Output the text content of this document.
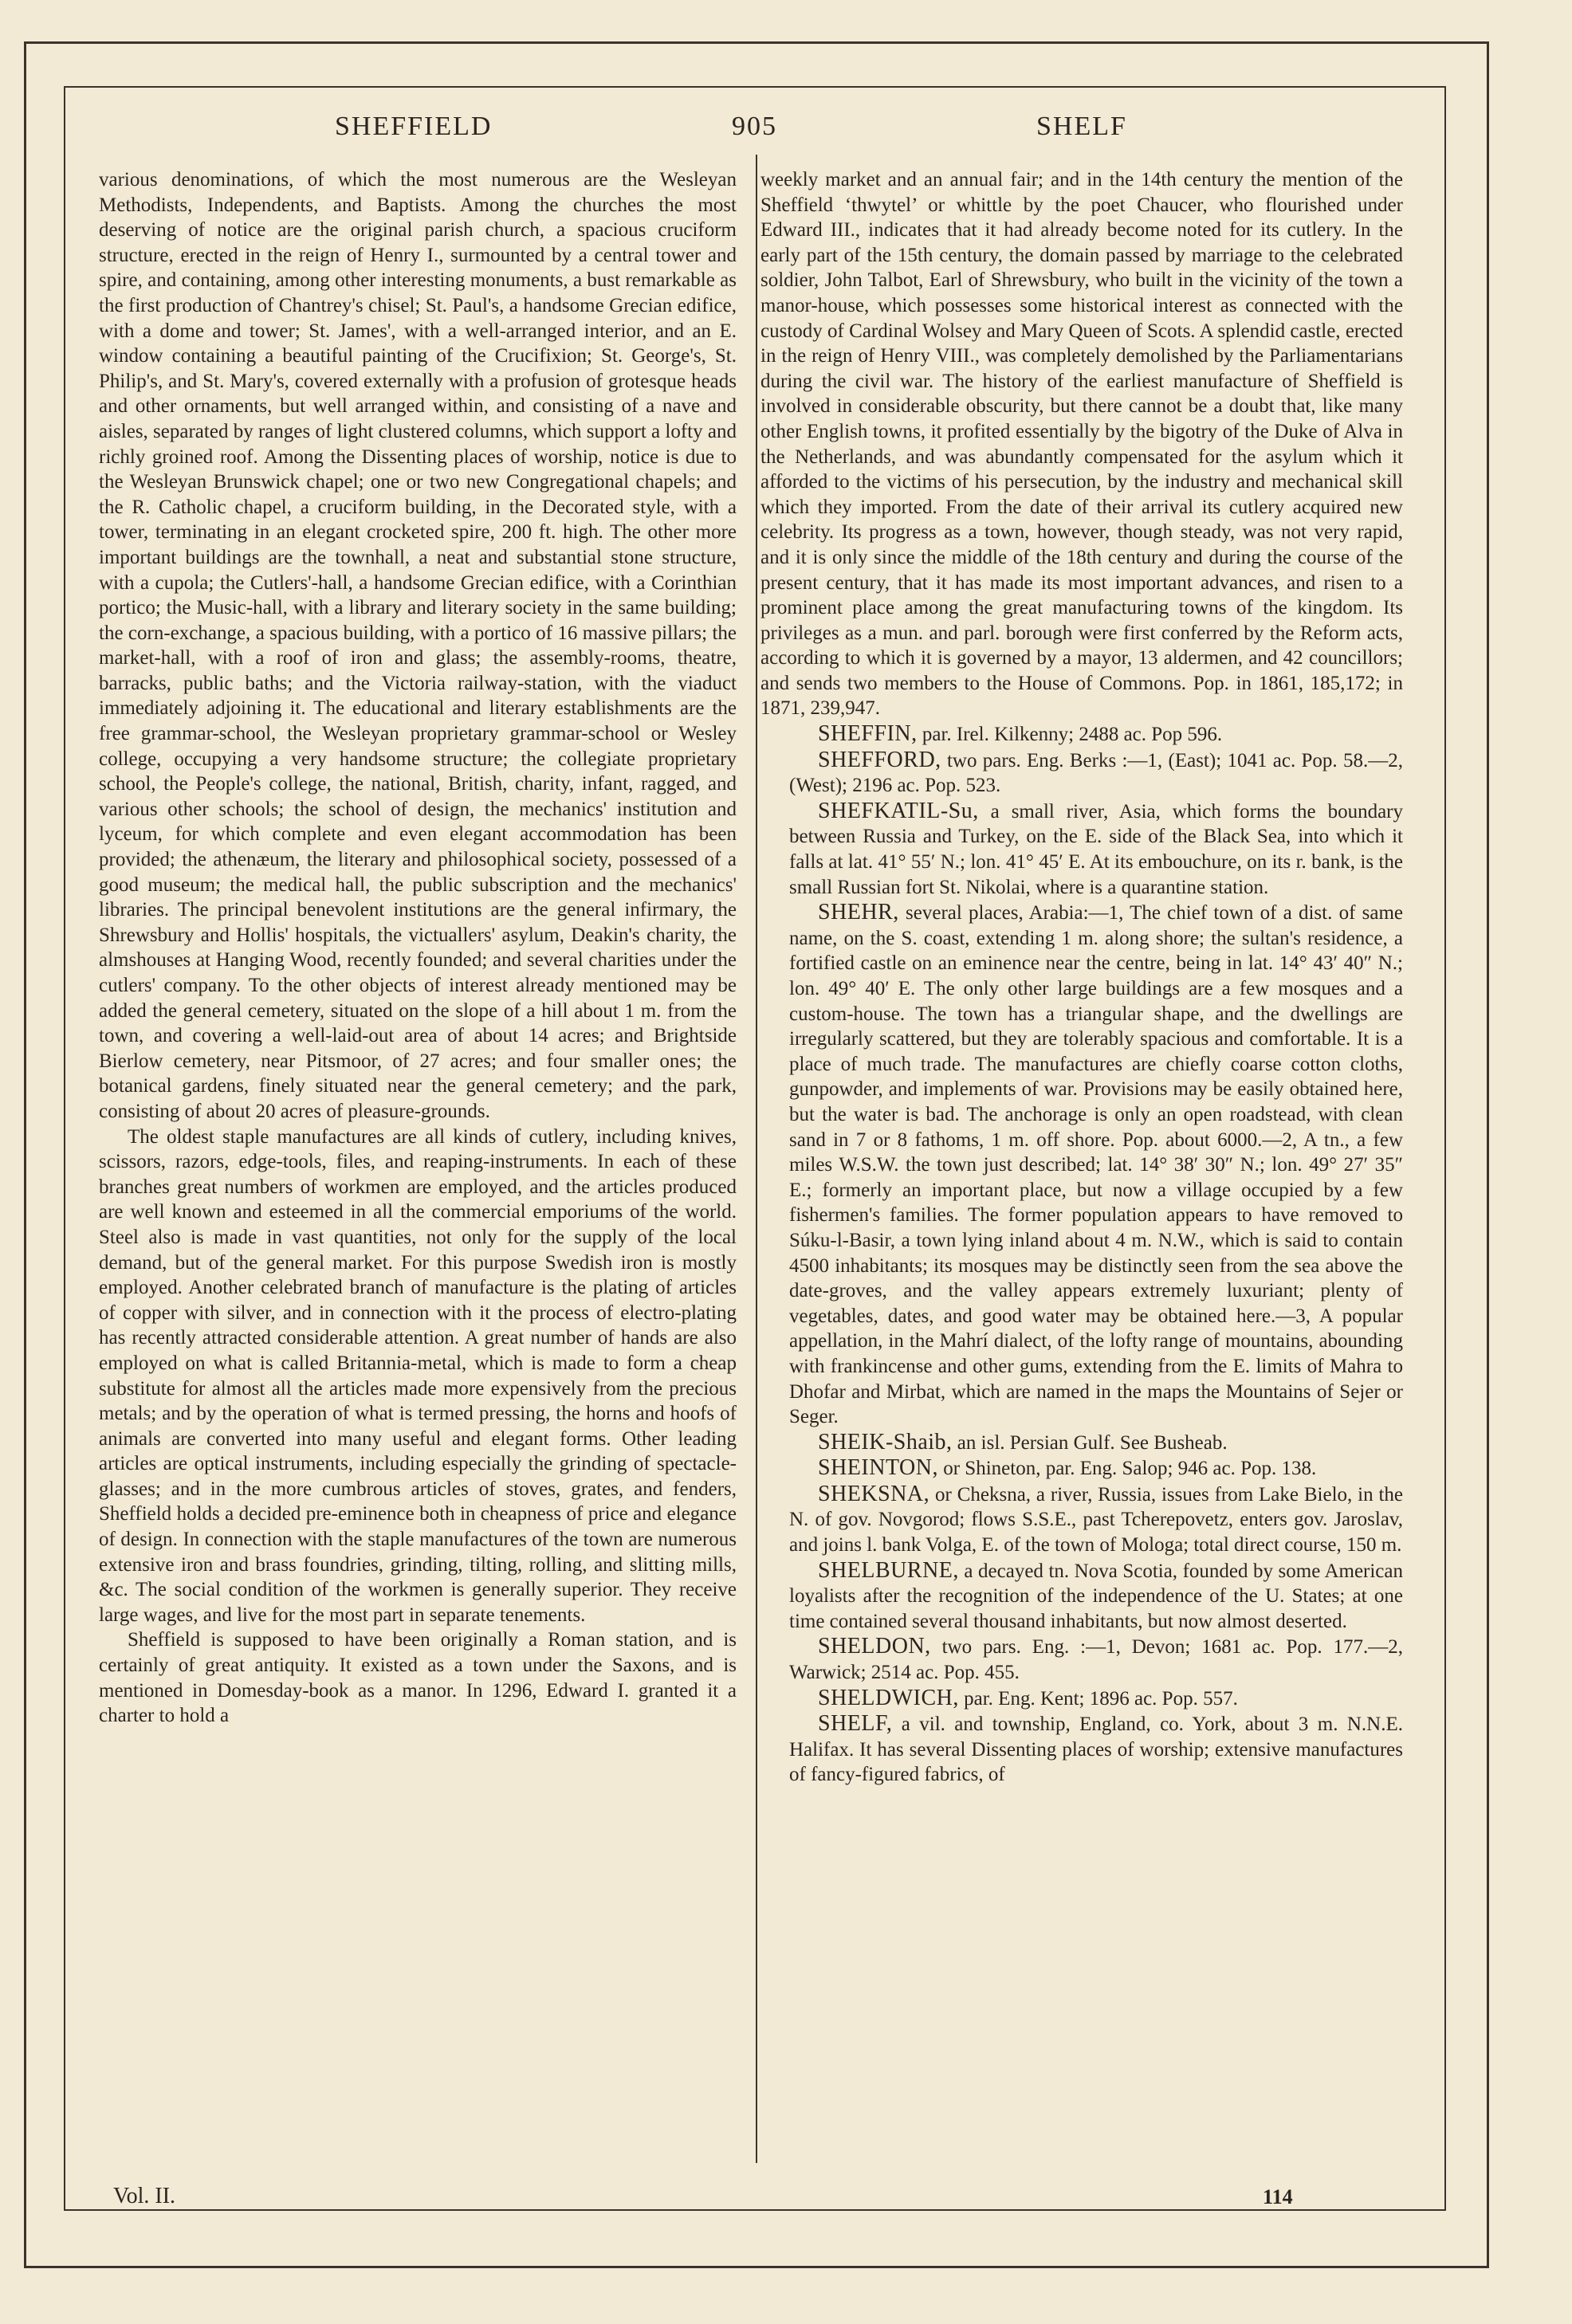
SHEFFIELD	905	SHELF

various denominations, of which the most numerous are the Wesleyan Methodists, Independents, and Baptists. Among the churches the most deserving of notice are the original parish church, a spacious cruciform structure, erected in the reign of Henry I., surmounted by a central tower and spire, and containing, among other interesting monuments, a bust remarkable as the first production of Chantrey's chisel; St. Paul's, a handsome Grecian edifice, with a dome and tower; St. James', with a well-arranged interior, and an E. window containing a beautiful painting of the Crucifixion; St. George's, St. Philip's, and St. Mary's, covered externally with a profusion of grotesque heads and other ornaments, but well arranged within, and consisting of a nave and aisles, separated by ranges of light clustered columns, which support a lofty and richly groined roof. Among the Dissenting places of worship, notice is due to the Wesleyan Brunswick chapel; one or two new Congregational chapels; and the R. Catholic chapel, a cruciform building, in the Decorated style, with a tower, terminating in an elegant crocketed spire, 200 ft. high. The other more important buildings are the townhall, a neat and substantial stone structure, with a cupola; the Cutlers'-hall, a handsome Grecian edifice, with a Corinthian portico; the Music-hall, with a library and literary society in the same building; the corn-exchange, a spacious building, with a portico of 16 massive pillars; the market-hall, with a roof of iron and glass; the assembly-rooms, theatre, barracks, public baths; and the Victoria railway-station, with the viaduct immediately adjoining it. The educational and literary establishments are the free grammar-school, the Wesleyan proprietary grammar-school or Wesley college, occupying a very handsome structure; the collegiate proprietary school, the People's college, the national, British, charity, infant, ragged, and various other schools; the school of design, the mechanics' institution and lyceum, for which complete and even elegant accommodation has been provided; the athenæum, the literary and philosophical society, possessed of a good museum; the medical hall, the public subscription and the mechanics' libraries. The principal benevolent institutions are the general infirmary, the Shrewsbury and Hollis' hospitals, the victuallers' asylum, Deakin's charity, the almshouses at Hanging Wood, recently founded; and several charities under the cutlers' company. To the other objects of interest already mentioned may be added the general cemetery, situated on the slope of a hill about 1 m. from the town, and covering a well-laid-out area of about 14 acres; and Brightside Bierlow cemetery, near Pitsmoor, of 27 acres; and four smaller ones; the botanical gardens, finely situated near the general cemetery; and the park, consisting of about 20 acres of pleasure-grounds.

The oldest staple manufactures are all kinds of cutlery, including knives, scissors, razors, edge-tools, files, and reaping-instruments. In each of these branches great numbers of workmen are employed, and the articles produced are well known and esteemed in all the commercial emporiums of the world. Steel also is made in vast quantities, not only for the supply of the local demand, but of the general market. For this purpose Swedish iron is mostly employed. Another celebrated branch of manufacture is the plating of articles of copper with silver, and in connection with it the process of electro-plating has recently attracted considerable attention. A great number of hands are also employed on what is called Britannia-metal, which is made to form a cheap substitute for almost all the articles made more expensively from the precious metals; and by the operation of what is termed pressing, the horns and hoofs of animals are converted into many useful and elegant forms. Other leading articles are optical instruments, including especially the grinding of spectacle-glasses; and in the more cumbrous articles of stoves, grates, and fenders, Sheffield holds a decided pre-eminence both in cheapness of price and elegance of design. In connection with the staple manufactures of the town are numerous extensive iron and brass foundries, grinding, tilting, rolling, and slitting mills, &c. The social condition of the workmen is generally superior. They receive large wages, and live for the most part in separate tenements.

Sheffield is supposed to have been originally a Roman station, and is certainly of great antiquity. It existed as a town under the Saxons, and is mentioned in Domesday-book as a manor. In 1296, Edward I. granted it a charter to hold a

weekly market and an annual fair; and in the 14th century the mention of the Sheffield ‘thwytel’ or whittle by the poet Chaucer, who flourished under Edward III., indicates that it had already become noted for its cutlery. In the early part of the 15th century, the domain passed by marriage to the celebrated soldier, John Talbot, Earl of Shrewsbury, who built in the vicinity of the town a manor-house, which possesses some historical interest as connected with the custody of Cardinal Wolsey and Mary Queen of Scots. A splendid castle, erected in the reign of Henry VIII., was completely demolished by the Parliamentarians during the civil war. The history of the earliest manufacture of Sheffield is involved in considerable obscurity, but there cannot be a doubt that, like many other English towns, it profited essentially by the bigotry of the Duke of Alva in the Netherlands, and was abundantly compensated for the asylum which it afforded to the victims of his persecution, by the industry and mechanical skill which they imported. From the date of their arrival its cutlery acquired new celebrity. Its progress as a town, however, though steady, was not very rapid, and it is only since the middle of the 18th century and during the course of the present century, that it has made its most important advances, and risen to a prominent place among the great manufacturing towns of the kingdom. Its privileges as a mun. and parl. borough were first conferred by the Reform acts, according to which it is governed by a mayor, 13 aldermen, and 42 councillors; and sends two members to the House of Commons. Pop. in 1861, 185,172; in 1871, 239,947.

SHEFFIN, par. Irel. Kilkenny; 2488 ac. Pop 596.

SHEFFORD, two pars. Eng. Berks :—1, (East); 1041 ac. Pop. 58.—2, (West); 2196 ac. Pop. 523.

SHEFKATIL-Su, a small river, Asia, which forms the boundary between Russia and Turkey, on the E. side of the Black Sea, into which it falls at lat. 41° 55′ N.; lon. 41° 45′ E. At its embouchure, on its r. bank, is the small Russian fort St. Nikolai, where is a quarantine station.

SHEHR, several places, Arabia:—1, The chief town of a dist. of same name, on the S. coast, extending 1 m. along shore; the sultan's residence, a fortified castle on an eminence near the centre, being in lat. 14° 43′ 40″ N.; lon. 49° 40′ E. The only other large buildings are a few mosques and a custom-house. The town has a triangular shape, and the dwellings are irregularly scattered, but they are tolerably spacious and comfortable. It is a place of much trade. The manufactures are chiefly coarse cotton cloths, gunpowder, and implements of war. Provisions may be easily obtained here, but the water is bad. The anchorage is only an open roadstead, with clean sand in 7 or 8 fathoms, 1 m. off shore. Pop. about 6000.—2, A tn., a few miles W.S.W. the town just described; lat. 14° 38′ 30″ N.; lon. 49° 27′ 35″ E.; formerly an important place, but now a village occupied by a few fishermen's families. The former population appears to have removed to Súku-l-Basir, a town lying inland about 4 m. N.W., which is said to contain 4500 inhabitants; its mosques may be distinctly seen from the sea above the date-groves, and the valley appears extremely luxuriant; plenty of vegetables, dates, and good water may be obtained here.—3, A popular appellation, in the Mahrí dialect, of the lofty range of mountains, abounding with frankincense and other gums, extending from the E. limits of Mahra to Dhofar and Mirbat, which are named in the maps the Mountains of Sejer or Seger.

SHEIK-Shaib, an isl. Persian Gulf. See Busheab.

SHEINTON, or Shineton, par. Eng. Salop; 946 ac. Pop. 138.

SHEKSNA, or Cheksna, a river, Russia, issues from Lake Bielo, in the N. of gov. Novgorod; flows S.S.E., past Tcherepovetz, enters gov. Jaroslav, and joins l. bank Volga, E. of the town of Mologa; total direct course, 150 m.

SHELBURNE, a decayed tn. Nova Scotia, founded by some American loyalists after the recognition of the independence of the U. States; at one time contained several thousand inhabitants, but now almost deserted.

SHELDON, two pars. Eng. :—1, Devon; 1681 ac. Pop. 177.—2, Warwick; 2514 ac. Pop. 455.

SHELDWICH, par. Eng. Kent; 1896 ac. Pop. 557.

SHELF, a vil. and township, England, co. York, about 3 m. N.N.E. Halifax. It has several Dissenting places of worship; extensive manufactures of fancy-figured fabrics, of

Vol. II.	114
